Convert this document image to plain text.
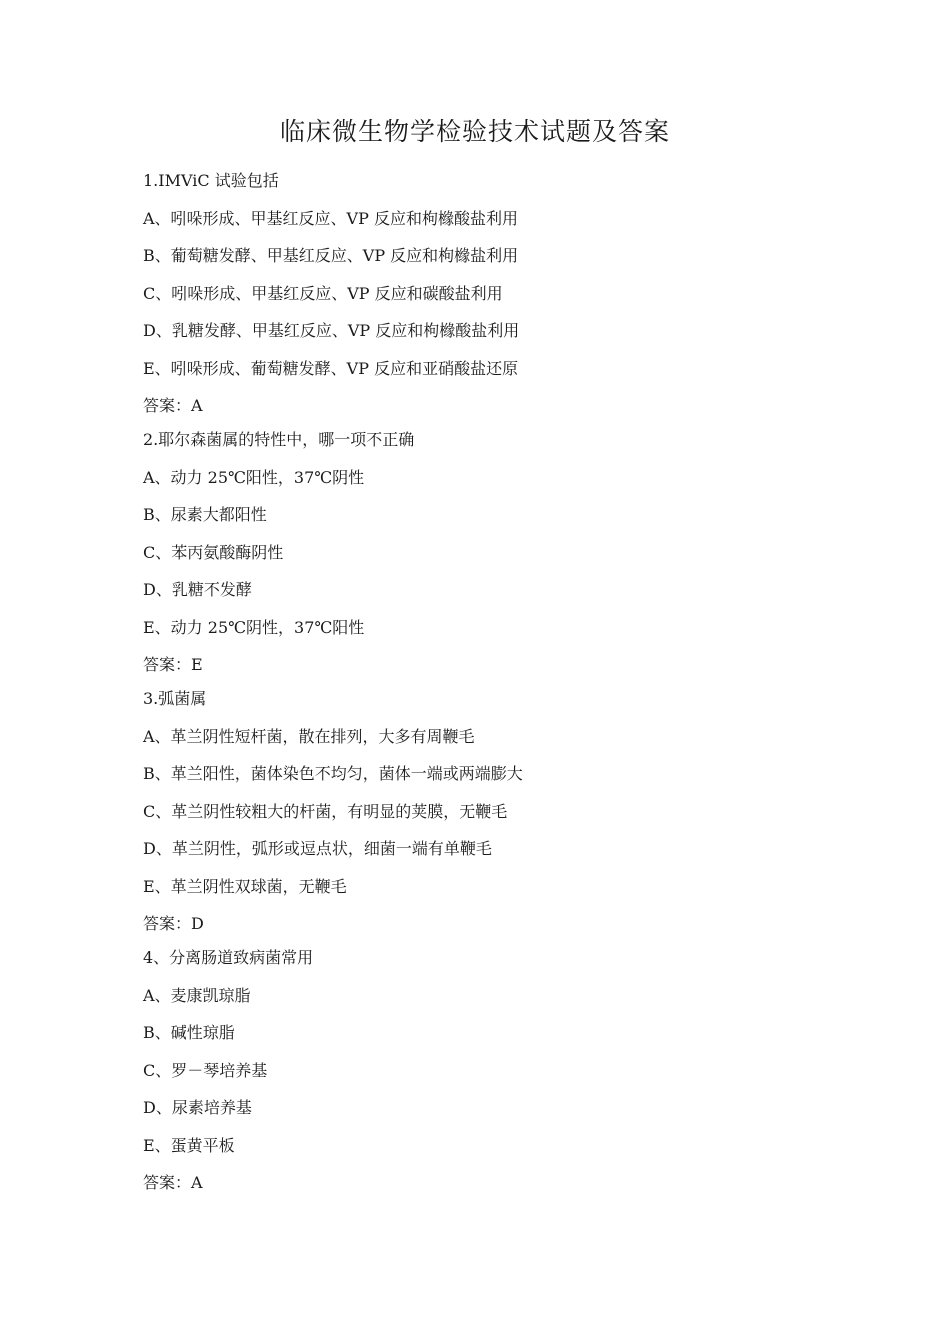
临床微生物学检验技术试题及答案
1.IMViC 试验包括
A、吲哚形成、甲基红反应、VP 反应和枸橼酸盐利用
B、葡萄糖发酵、甲基红反应、VP 反应和枸橼盐利用
C、吲哚形成、甲基红反应、VP 反应和碳酸盐利用
D、乳糖发酵、甲基红反应、VP 反应和枸橼酸盐利用
E、吲哚形成、葡萄糖发酵、VP 反应和亚硝酸盐还原
答案：A
2.耶尔森菌属的特性中，哪一项不正确
A、动力 25℃阳性，37℃阴性
B、尿素大都阳性
C、苯丙氨酸酶阴性
D、乳糖不发酵
E、动力 25℃阴性，37℃阳性
答案：E
3.弧菌属
A、革兰阴性短杆菌，散在排列，大多有周鞭毛
B、革兰阳性，菌体染色不均匀，菌体一端或两端膨大
C、革兰阴性较粗大的杆菌，有明显的荚膜，无鞭毛
D、革兰阴性，弧形或逗点状，细菌一端有单鞭毛
E、革兰阴性双球菌，无鞭毛
答案：D
4、分离肠道致病菌常用
A、麦康凯琼脂
B、碱性琼脂
C、罗－琴培养基
D、尿素培养基
E、蛋黄平板
答案：A
